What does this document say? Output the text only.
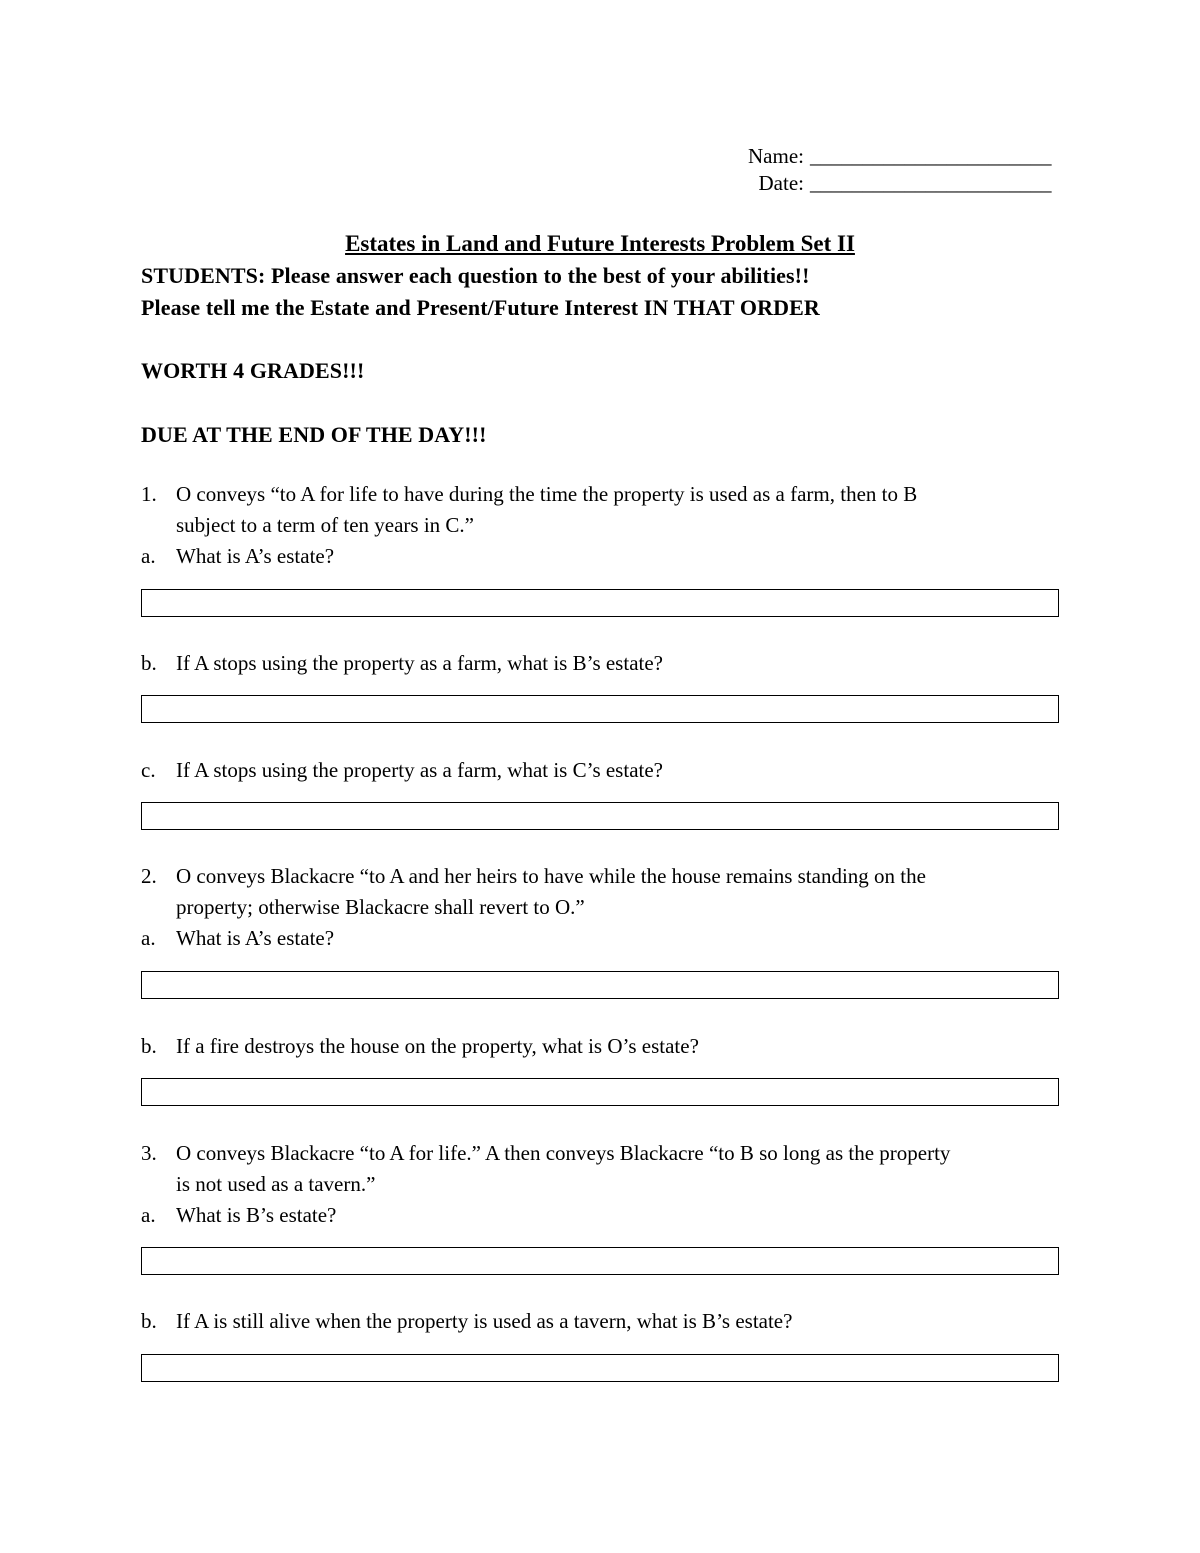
Name: _______________________
Date: _______________________
Estates in Land and Future Interests Problem Set II
STUDENTS: Please answer each question to the best of your abilities!!
Please tell me the Estate and Present/Future Interest IN THAT ORDER
WORTH 4 GRADES!!!
DUE AT THE END OF THE DAY!!!
1. O conveys “to A for life to have during the time the property is used as a farm, then to B
subject to a term of ten years in C.”
a. What is A’s estate?
b. If A stops using the property as a farm, what is B’s estate?
c. If A stops using the property as a farm, what is C’s estate?
2. O conveys Blackacre “to A and her heirs to have while the house remains standing on the
property; otherwise Blackacre shall revert to O.”
a. What is A’s estate?
b. If a fire destroys the house on the property, what is O’s estate?
3. O conveys Blackacre “to A for life.” A then conveys Blackacre “to B so long as the property
is not used as a tavern.”
a. What is B’s estate?
b. If A is still alive when the property is used as a tavern, what is B’s estate?
